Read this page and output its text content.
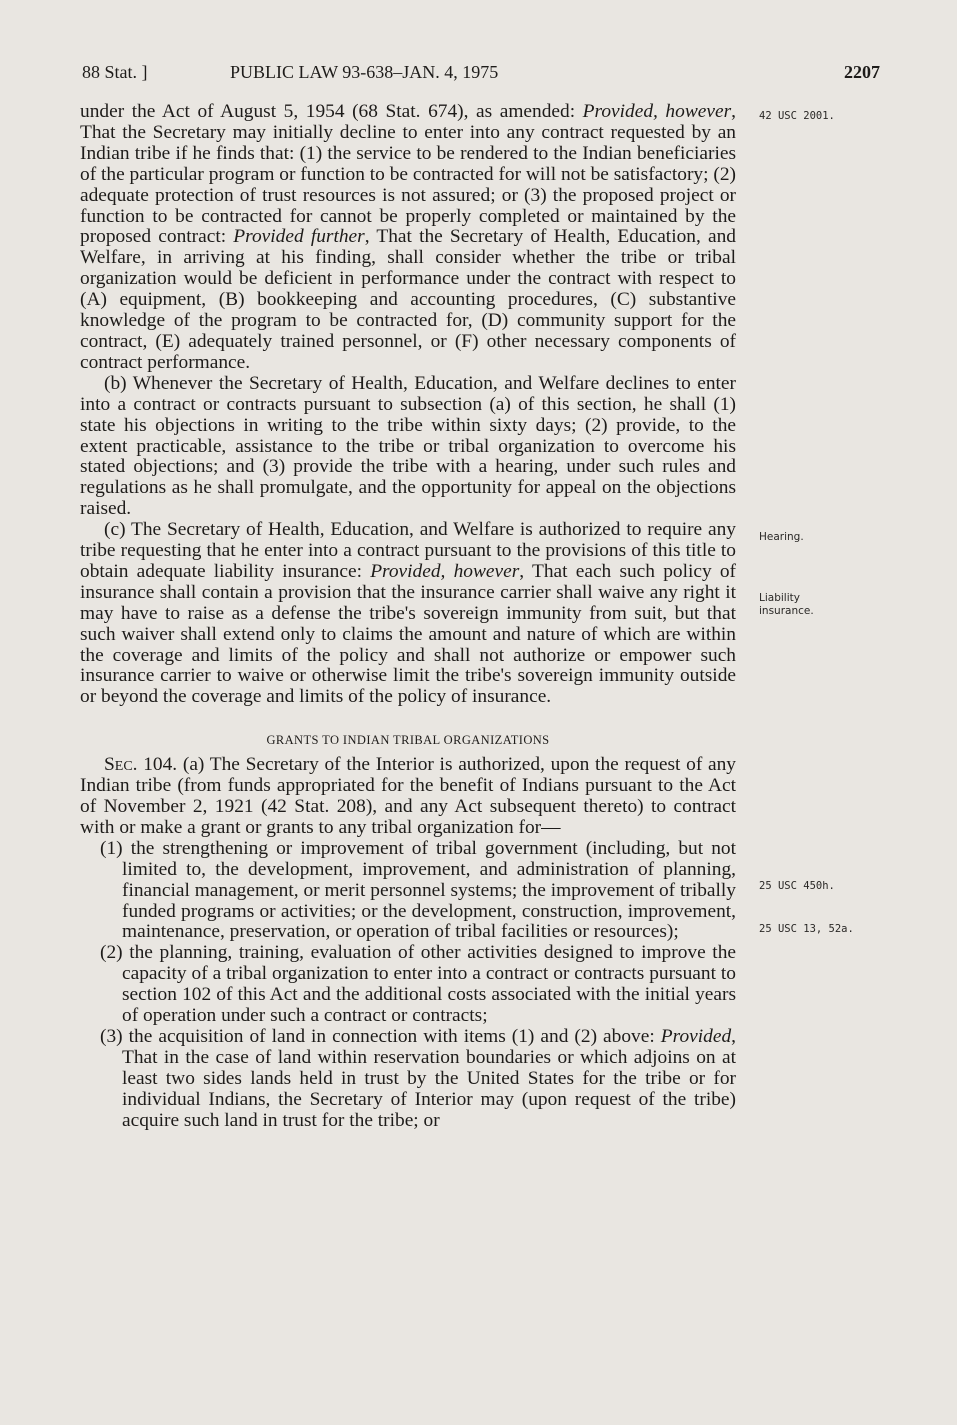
88 Stat. ]	PUBLIC LAW 93-638–JAN. 4, 1975	2207

under the Act of August 5, 1954 (68 Stat. 674), as amended: Provided, however, That the Secretary may initially decline to enter into any contract requested by an Indian tribe if he finds that: (1) the service to be rendered to the Indian beneficiaries of the particular program or function to be contracted for will not be satisfactory; (2) adequate protection of trust resources is not assured; or (3) the proposed project or function to be contracted for cannot be properly completed or maintained by the proposed contract: Provided further, That the Secretary of Health, Education, and Welfare, in arriving at his finding, shall consider whether the tribe or tribal organization would be deficient in performance under the contract with respect to (A) equipment, (B) bookkeeping and accounting procedures, (C) substantive knowledge of the program to be contracted for, (D) community support for the contract, (E) adequately trained personnel, or (F) other necessary components of contract performance.

(b) Whenever the Secretary of Health, Education, and Welfare declines to enter into a contract or contracts pursuant to subsection (a) of this section, he shall (1) state his objections in writing to the tribe within sixty days; (2) provide, to the extent practicable, assistance to the tribe or tribal organization to overcome his stated objections; and (3) provide the tribe with a hearing, under such rules and regulations as he shall promulgate, and the opportunity for appeal on the objections raised.

(c) The Secretary of Health, Education, and Welfare is authorized to require any tribe requesting that he enter into a contract pursuant to the provisions of this title to obtain adequate liability insurance: Provided, however, That each such policy of insurance shall contain a provision that the insurance carrier shall waive any right it may have to raise as a defense the tribe's sovereign immunity from suit, but that such waiver shall extend only to claims the amount and nature of which are within the coverage and limits of the policy and shall not authorize or empower such insurance carrier to waive or otherwise limit the tribe's sovereign immunity outside or beyond the coverage and limits of the policy of insurance.

GRANTS TO INDIAN TRIBAL ORGANIZATIONS

Sec. 104. (a) The Secretary of the Interior is authorized, upon the request of any Indian tribe (from funds appropriated for the benefit of Indians pursuant to the Act of November 2, 1921 (42 Stat. 208), and any Act subsequent thereto) to contract with or make a grant or grants to any tribal organization for—

(1) the strengthening or improvement of tribal government (including, but not limited to, the development, improvement, and administration of planning, financial management, or merit personnel systems; the improvement of tribally funded programs or activities; or the development, construction, improvement, maintenance, preservation, or operation of tribal facilities or resources);

(2) the planning, training, evaluation of other activities designed to improve the capacity of a tribal organization to enter into a contract or contracts pursuant to section 102 of this Act and the additional costs associated with the initial years of operation under such a contract or contracts;

(3) the acquisition of land in connection with items (1) and (2) above: Provided, That in the case of land within reservation boundaries or which adjoins on at least two sides lands held in trust by the United States for the tribe or for individual Indians, the Secretary of Interior may (upon request of the tribe) acquire such land in trust for the tribe; or

42 USC 2001.
Hearing.
Liability insurance.
25 USC 450h.
25 USC 13, 52a.
